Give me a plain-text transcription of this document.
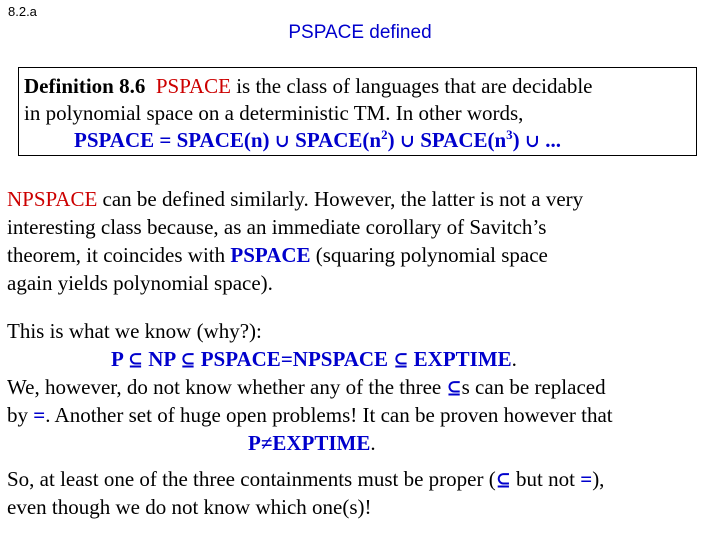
8.2.a
PSPACE defined
Definition 8.6 PSPACE is the class of languages that are decidable
in polynomial space on a deterministic TM. In other words,
PSPACE = SPACE(n) ∪ $SPACE(n^2)$ ∪ $SPACE(n^3)$ ∪ ...
NPSPACE can be defined similarly. However, the latter is not a very
interesting class because, as an immediate corollary of Savitch’s
theorem, it coincides with PSPACE (squaring polynomial space
again yields polynomial space).
This is what we know (why?):
P ⊆ NP ⊆ PSPACE=NPSPACE ⊆ EXPTIME.
We, however, do not know whether any of the three ⊆s can be replaced
by =. Another set of huge open problems! It can be proven however that
P≠EXPTIME.
So, at least one of the three containments must be proper (⊆ but not =),
even though we do not know which one(s)!
